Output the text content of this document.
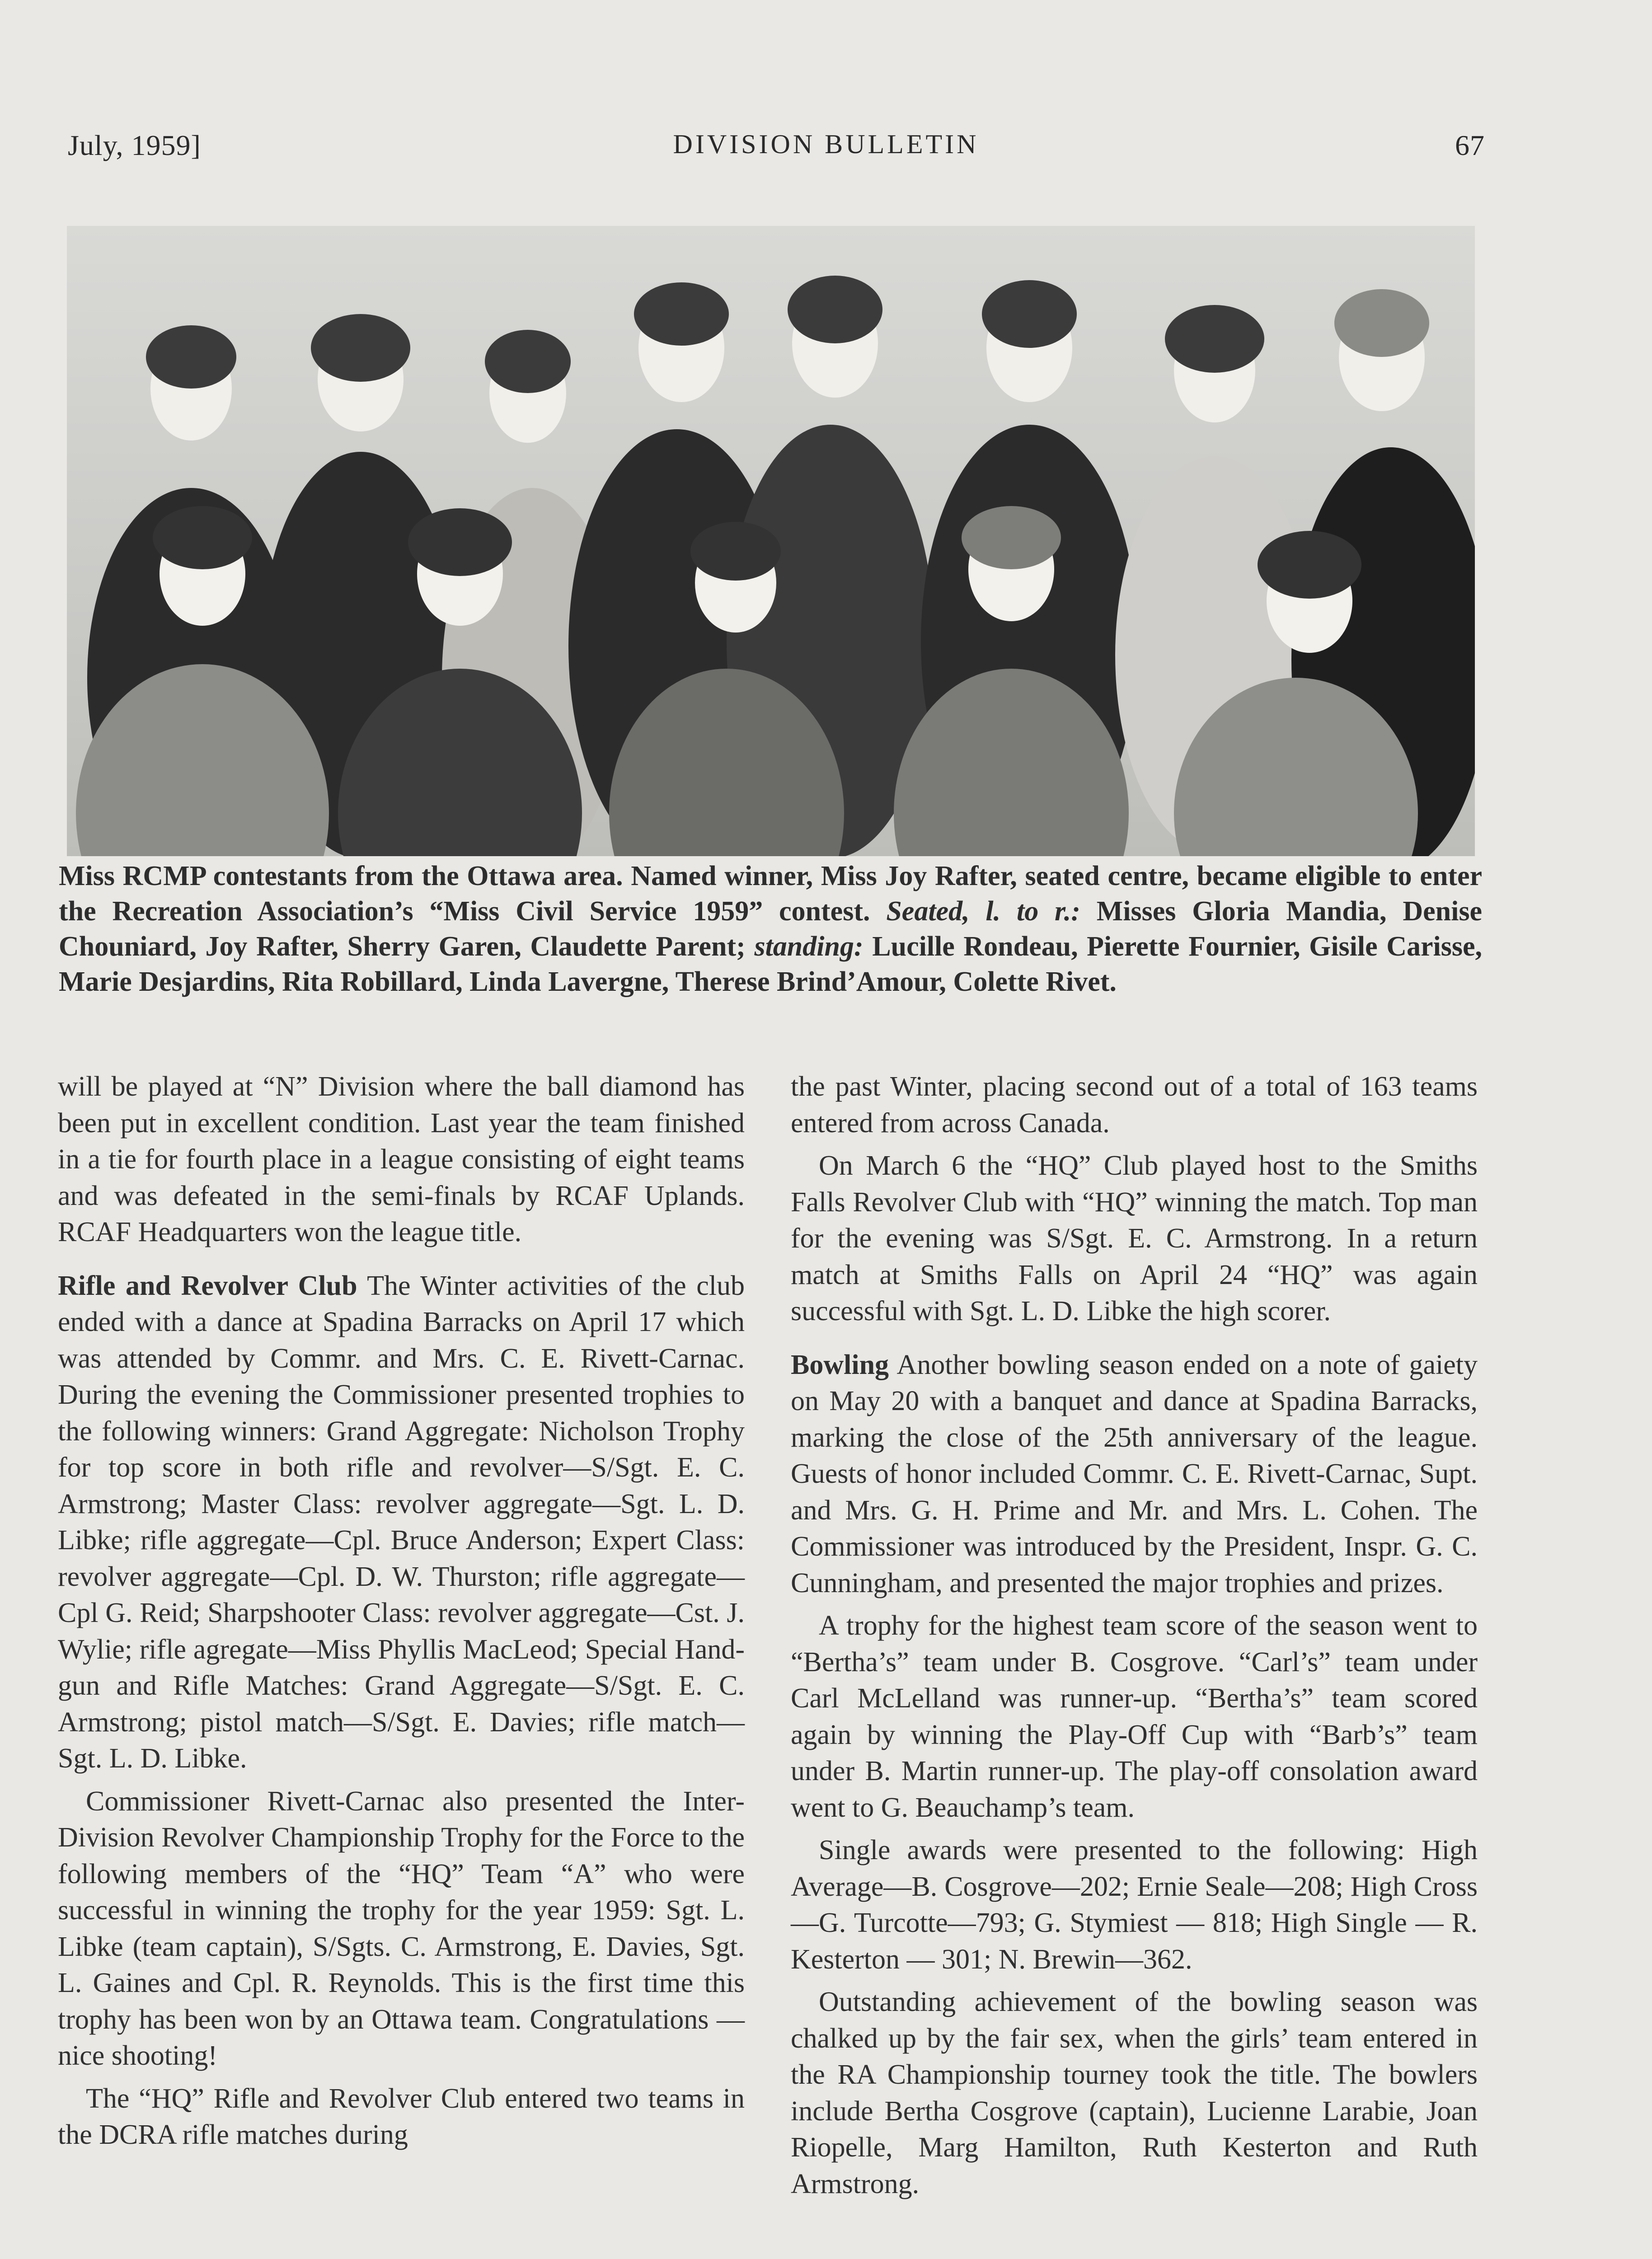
July, 1959]	DIVISION BULLETIN	67
Miss RCMP contestants from the Ottawa area. Named winner, Miss Joy Rafter, seated centre, became eligible to enter the Recreation Association’s “Miss Civil Service 1959” contest. Seated, l. to r.: Misses Gloria Mandia, Denise Chouniard, Joy Rafter, Sherry Garen, Claudette Parent; standing: Lucille Rondeau, Pierette Fournier, Gisile Carisse, Marie Desjardins, Rita Robillard, Linda Lavergne, Therese Brind’Amour, Colette Rivet.

will be played at “N” Division where the ball diamond has been put in excellent condition. Last year the team finished in a tie for fourth place in a league consisting of eight teams and was defeated in the semi-finals by RCAF Uplands. RCAF Headquarters won the league title.

Rifle and Revolver Club The Winter activities of the club ended with a dance at Spadina Barracks on April 17 which was attended by Commr. and Mrs. C. E. Rivett-Carnac. During the evening the Commissioner presented trophies to the following winners: Grand Aggregate: Nicholson Trophy for top score in both rifle and revolver—S/Sgt. E. C. Armstrong; Master Class: revolver aggregate—Sgt. L. D. Libke; rifle aggregate—Cpl. Bruce Anderson; Expert Class: revolver aggregate—Cpl. D. W. Thurston; rifle aggregate—Cpl G. Reid; Sharpshooter Class: revolver aggregate—Cst. J. Wylie; rifle agregate—Miss Phyllis MacLeod; Special Hand-gun and Rifle Matches: Grand Aggregate—S/Sgt. E. C. Armstrong; pistol match—S/Sgt. E. Davies; rifle match—Sgt. L. D. Libke.

Commissioner Rivett-Carnac also presented the Inter-Division Revolver Championship Trophy for the Force to the following members of the “HQ” Team “A” who were successful in winning the trophy for the year 1959: Sgt. L. Libke (team captain), S/Sgts. C. Armstrong, E. Davies, Sgt. L. Gaines and Cpl. R. Reynolds. This is the first time this trophy has been won by an Ottawa team. Congratulations —nice shooting!

The “HQ” Rifle and Revolver Club entered two teams in the DCRA rifle matches during

the past Winter, placing second out of a total of 163 teams entered from across Canada.

On March 6 the “HQ” Club played host to the Smiths Falls Revolver Club with “HQ” winning the match. Top man for the evening was S/Sgt. E. C. Armstrong. In a return match at Smiths Falls on April 24 “HQ” was again successful with Sgt. L. D. Libke the high scorer.

Bowling Another bowling season ended on a note of gaiety on May 20 with a banquet and dance at Spadina Barracks, marking the close of the 25th anniversary of the league. Guests of honor included Commr. C. E. Rivett-Carnac, Supt. and Mrs. G. H. Prime and Mr. and Mrs. L. Cohen. The Commissioner was introduced by the President, Inspr. G. C. Cunningham, and presented the major trophies and prizes.

A trophy for the highest team score of the season went to “Bertha’s” team under B. Cosgrove. “Carl’s” team under Carl McLelland was runner-up. “Bertha’s” team scored again by winning the Play-Off Cup with “Barb’s” team under B. Martin runner-up. The play-off consolation award went to G. Beauchamp’s team.

Single awards were presented to the following: High Average—B. Cosgrove—202; Ernie Seale—208; High Cross—G. Turcotte—793; G. Stymiest — 818; High Single — R. Kesterton — 301; N. Brewin—362.

Outstanding achievement of the bowling season was chalked up by the fair sex, when the girls’ team entered in the RA Championship tourney took the title. The bowlers include Bertha Cosgrove (captain), Lucienne Larabie, Joan Riopelle, Marg Hamilton, Ruth Kesterton and Ruth Armstrong.
